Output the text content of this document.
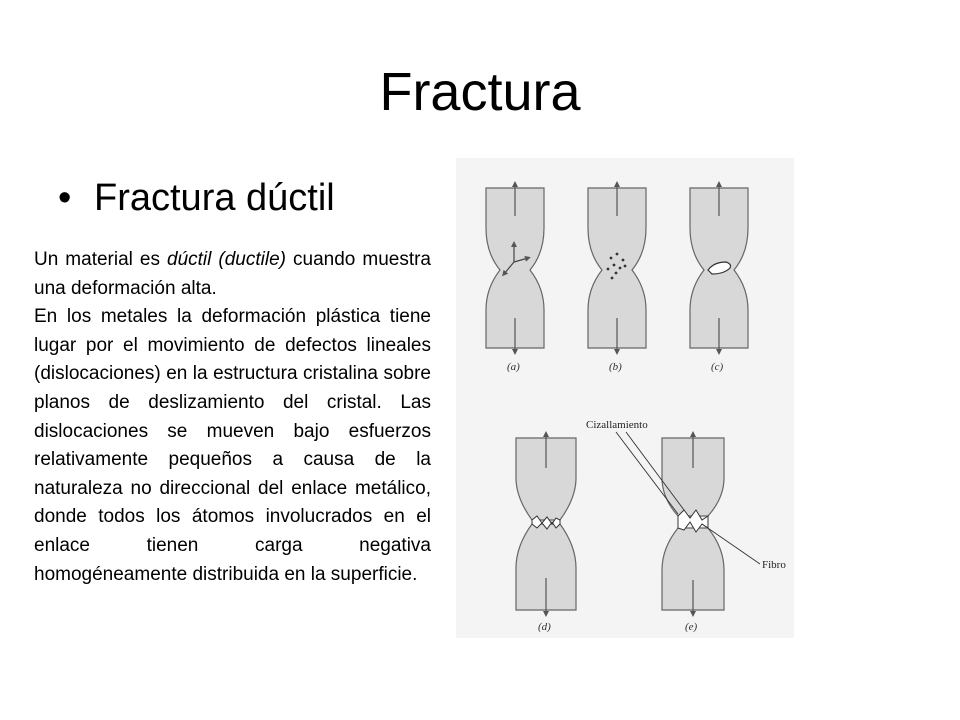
Fractura
• Fractura dúctil

Un material es dúctil (ductile) cuando muestra una deformación alta.

En los metales la deformación plástica tiene lugar por el movimiento de defectos lineales (dislocaciones) en la estructura cristalina sobre planos de deslizamiento del cristal. Las dislocaciones se mueven bajo esfuerzos relativamente pequeños a causa de la naturaleza no direccional del enlace metálico, donde todos los átomos involucrados en el enlace tienen carga negativa homogéneamente distribuida en la superficie.

(a)	(b)	(c)
(d)	(e)
Cizallamiento
Fibro
